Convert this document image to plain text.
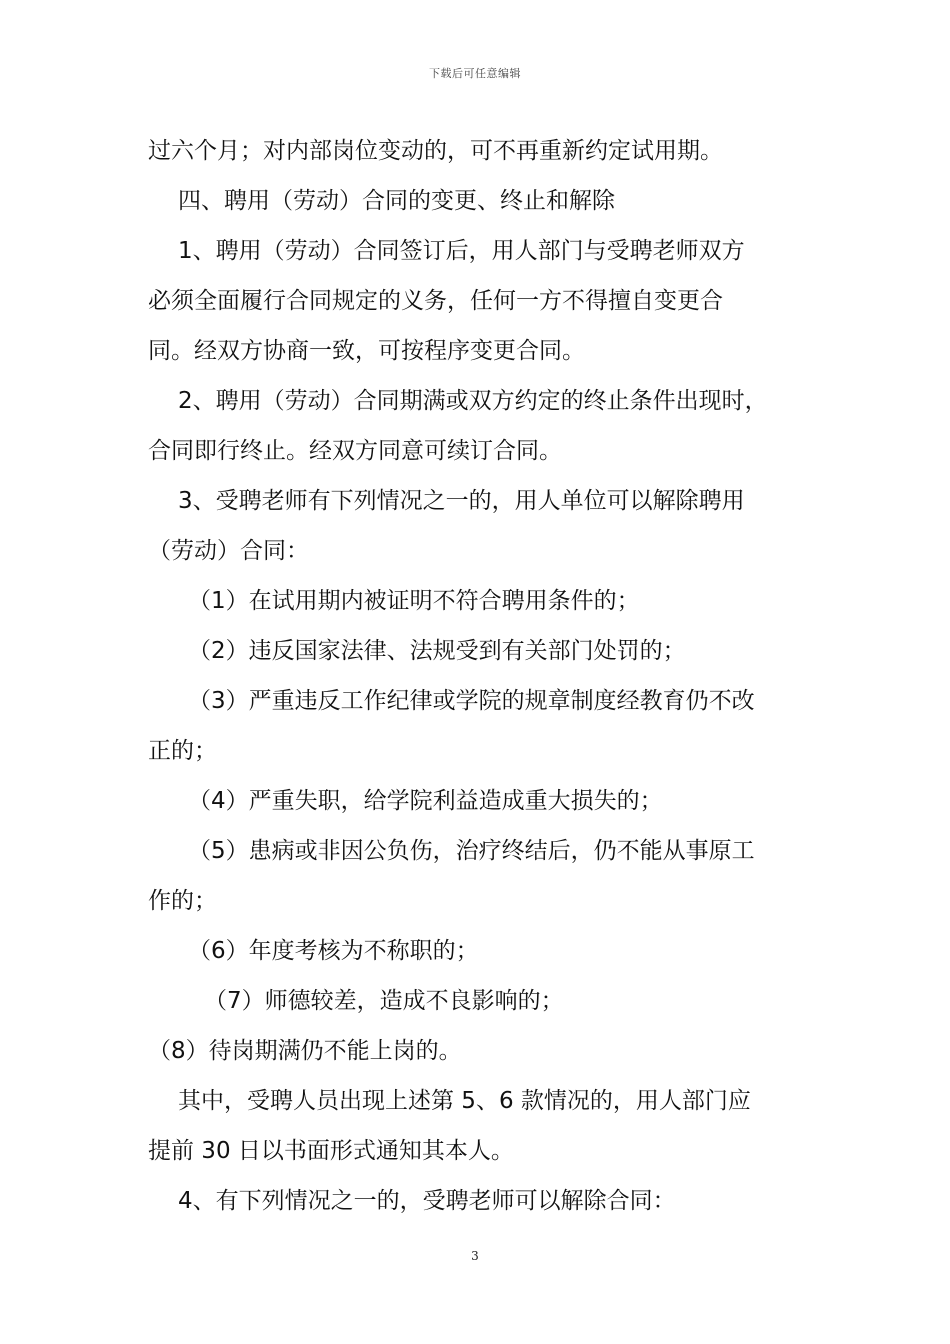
下载后可任意编辑
过六个月；对内部岗位变动的，可不再重新约定试用期。
四、聘用（劳动）合同的变更、终止和解除
1、聘用（劳动）合同签订后，用人部门与受聘老师双方
必须全面履行合同规定的义务，任何一方不得擅自变更合
同。经双方协商一致，可按程序变更合同。
2、聘用（劳动）合同期满或双方约定的终止条件出现时，
合同即行终止。经双方同意可续订合同。
3、受聘老师有下列情况之一的，用人单位可以解除聘用
（劳动）合同：
（1）在试用期内被证明不符合聘用条件的；
（2）违反国家法律、法规受到有关部门处罚的；
（3）严重违反工作纪律或学院的规章制度经教育仍不改
正的；
（4）严重失职，给学院利益造成重大损失的；
（5）患病或非因公负伤，治疗终结后，仍不能从事原工
作的；
（6）年度考核为不称职的；
（7）师德较差，造成不良影响的；
（8）待岗期满仍不能上岗的。
其中，受聘人员出现上述第 5、6 款情况的，用人部门应
提前 30 日以书面形式通知其本人。
4、有下列情况之一的，受聘老师可以解除合同：
3
